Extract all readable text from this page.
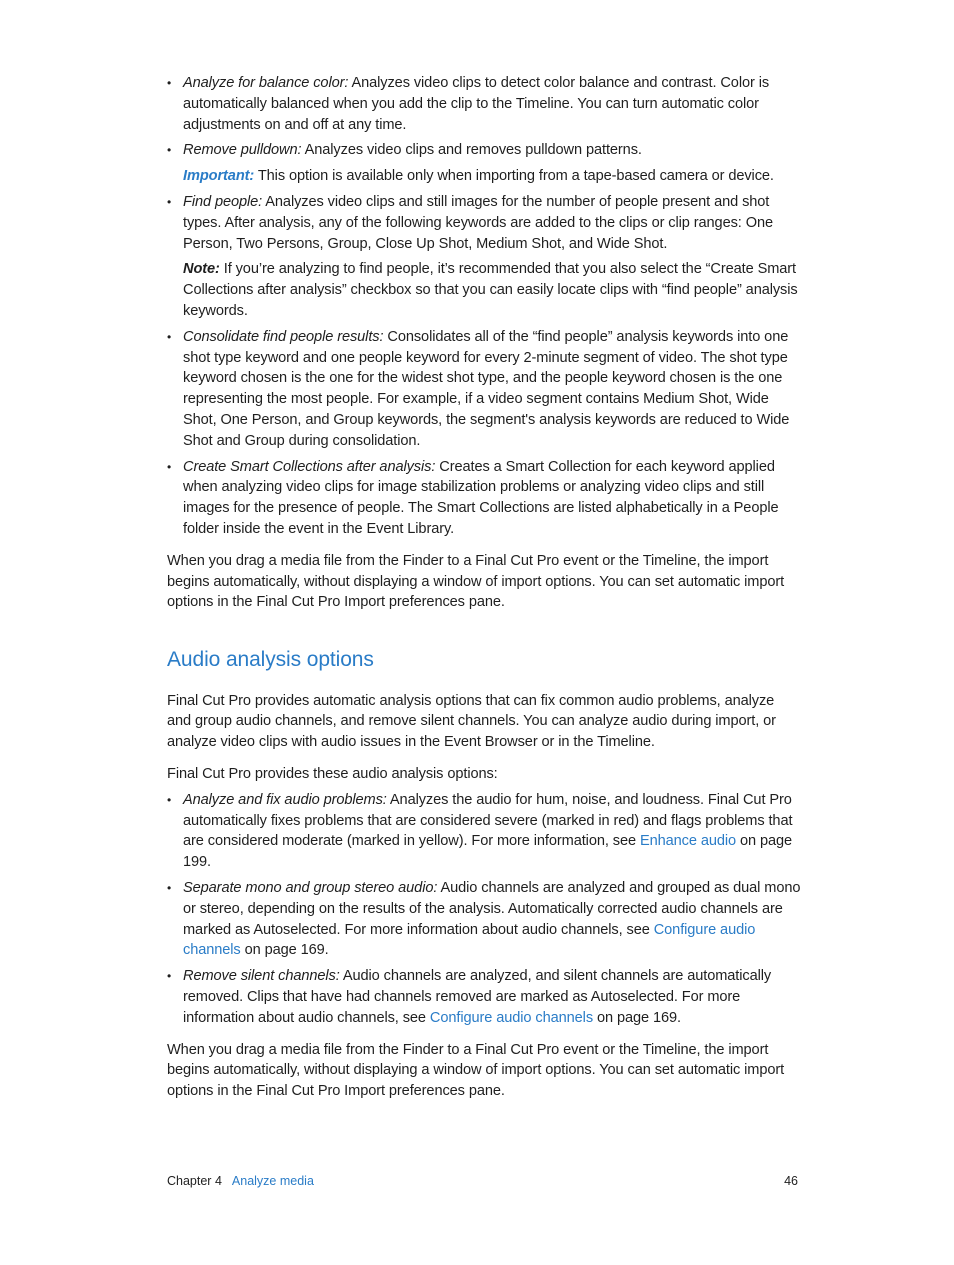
• Analyze for balance color: Analyzes video clips to detect color balance and contrast. Color is automatically balanced when you add the clip to the Timeline. You can turn automatic color adjustments on and off at any time.

• Remove pulldown: Analyzes video clips and removes pulldown patterns.

Important: This option is available only when importing from a tape-based camera or device.

• Find people: Analyzes video clips and still images for the number of people present and shot types. After analysis, any of the following keywords are added to the clips or clip ranges: One Person, Two Persons, Group, Close Up Shot, Medium Shot, and Wide Shot.

Note: If you’re analyzing to find people, it’s recommended that you also select the “Create Smart Collections after analysis” checkbox so that you can easily locate clips with “find people” analysis keywords.

• Consolidate find people results: Consolidates all of the “find people” analysis keywords into one shot type keyword and one people keyword for every 2-minute segment of video. The shot type keyword chosen is the one for the widest shot type, and the people keyword chosen is the one representing the most people. For example, if a video segment contains Medium Shot, Wide Shot, One Person, and Group keywords, the segment's analysis keywords are reduced to Wide Shot and Group during consolidation.

• Create Smart Collections after analysis: Creates a Smart Collection for each keyword applied when analyzing video clips for image stabilization problems or analyzing video clips and still images for the presence of people. The Smart Collections are listed alphabetically in a People folder inside the event in the Event Library.

When you drag a media file from the Finder to a Final Cut Pro event or the Timeline, the import begins automatically, without displaying a window of import options. You can set automatic import options in the Final Cut Pro Import preferences pane.

Audio analysis options

Final Cut Pro provides automatic analysis options that can fix common audio problems, analyze and group audio channels, and remove silent channels. You can analyze audio during import, or analyze video clips with audio issues in the Event Browser or in the Timeline.

Final Cut Pro provides these audio analysis options:

• Analyze and fix audio problems: Analyzes the audio for hum, noise, and loudness. Final Cut Pro automatically fixes problems that are considered severe (marked in red) and flags problems that are considered moderate (marked in yellow). For more information, see Enhance audio on page 199.

• Separate mono and group stereo audio: Audio channels are analyzed and grouped as dual mono or stereo, depending on the results of the analysis. Automatically corrected audio channels are marked as Autoselected. For more information about audio channels, see Configure audio channels on page 169.

• Remove silent channels: Audio channels are analyzed, and silent channels are automatically removed. Clips that have had channels removed are marked as Autoselected. For more information about audio channels, see Configure audio channels on page 169.

When you drag a media file from the Finder to a Final Cut Pro event or the Timeline, the import begins automatically, without displaying a window of import options. You can set automatic import options in the Final Cut Pro Import preferences pane.

Chapter 4 Analyze media	46
